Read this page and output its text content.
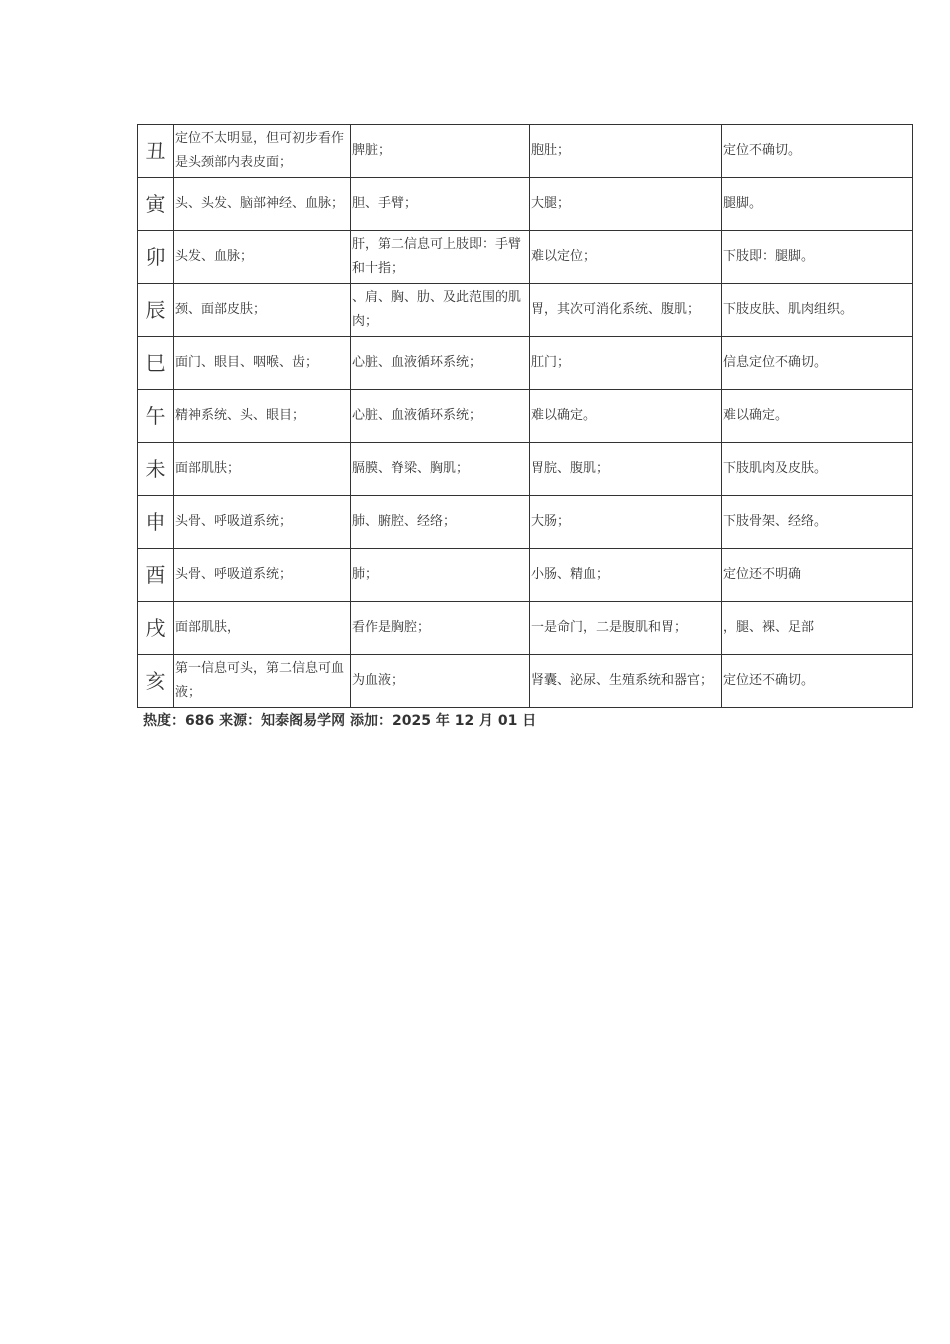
丑	定位不太明显，但可初步看作是头颈部内表皮面；	脾脏；	胞肚；	定位不确切。
寅	头、头发、脑部神经、血脉；	胆、手臂；	大腿；	腿脚。
卯	头发、血脉；	肝，第二信息可上肢即：手臂和十指；	难以定位；	下肢即：腿脚。
辰	颈、面部皮肤；	、肩、胸、肋、及此范围的肌肉；	胃，其次可消化系统、腹肌；	下肢皮肤、肌肉组织。
巳	面门、眼目、咽喉、齿；	心脏、血液循环系统；	肛门；	信息定位不确切。
午	精神系统、头、眼目；	心脏、血液循环系统；	难以确定。	难以确定。
未	面部肌肤；	膈膜、脊梁、胸肌；	胃脘、腹肌；	下肢肌肉及皮肤。
申	头骨、呼吸道系统；	肺、腑腔、经络；	大肠；	下肢骨架、经络。
酉	头骨、呼吸道系统；	肺；	小肠、精血；	定位还不明确
戌	面部肌肤，	看作是胸腔；	一是命门，二是腹肌和胃；	，腿、裸、足部
亥	第一信息可头，第二信息可血液；	为血液；	肾囊、泌尿、生殖系统和器官；	定位还不确切。
热度：686 来源：知泰阁易学网 添加：2025 年 12 月 01 日
